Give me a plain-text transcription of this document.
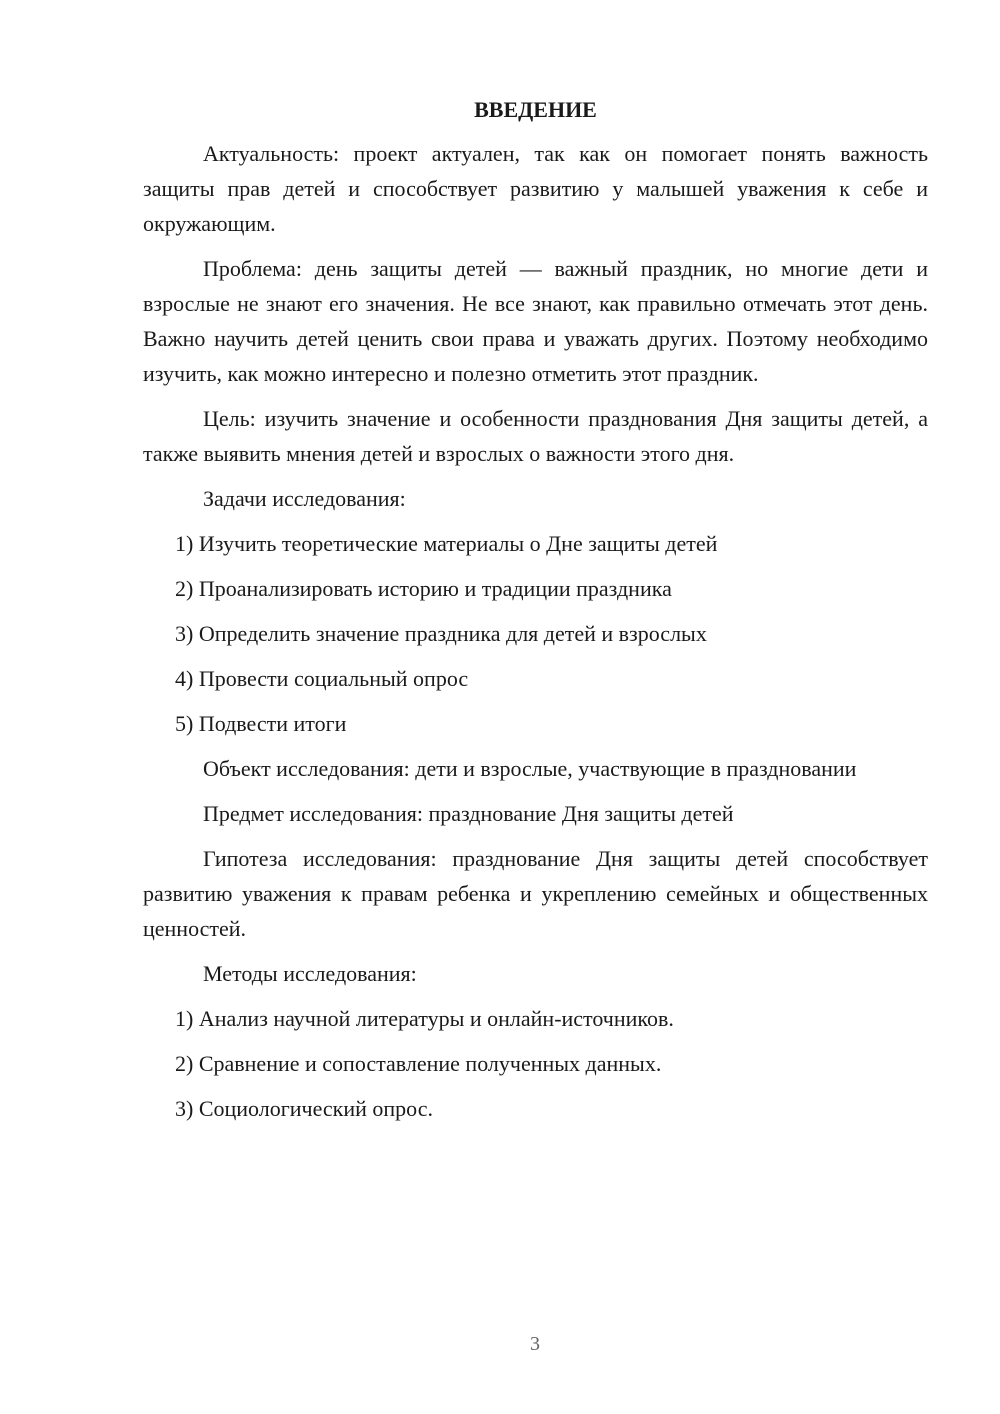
ВВЕДЕНИЕ
Актуальность: проект актуален, так как он помогает понять важность защиты прав детей и способствует развитию у малышей уважения к себе и окружающим.
Проблема: день защиты детей — важный праздник, но многие дети и взрослые не знают его значения. Не все знают, как правильно отмечать этот день. Важно научить детей ценить свои права и уважать других. Поэтому необходимо изучить, как можно интересно и полезно отметить этот праздник.
Цель: изучить значение и особенности празднования Дня защиты детей, а также выявить мнения детей и взрослых о важности этого дня.
Задачи исследования:
1) Изучить теоретические материалы о Дне защиты детей
2) Проанализировать историю и традиции праздника
3) Определить значение праздника для детей и взрослых
4) Провести социальный опрос
5) Подвести итоги
Объект исследования: дети и взрослые, участвующие в праздновании
Предмет исследования: празднование Дня защиты детей
Гипотеза исследования: празднование Дня защиты детей способствует развитию уважения к правам ребенка и укреплению семейных и общественных ценностей.
Методы исследования:
1) Анализ научной литературы и онлайн-источников.
2) Сравнение и сопоставление полученных данных.
3) Социологический опрос.
3
